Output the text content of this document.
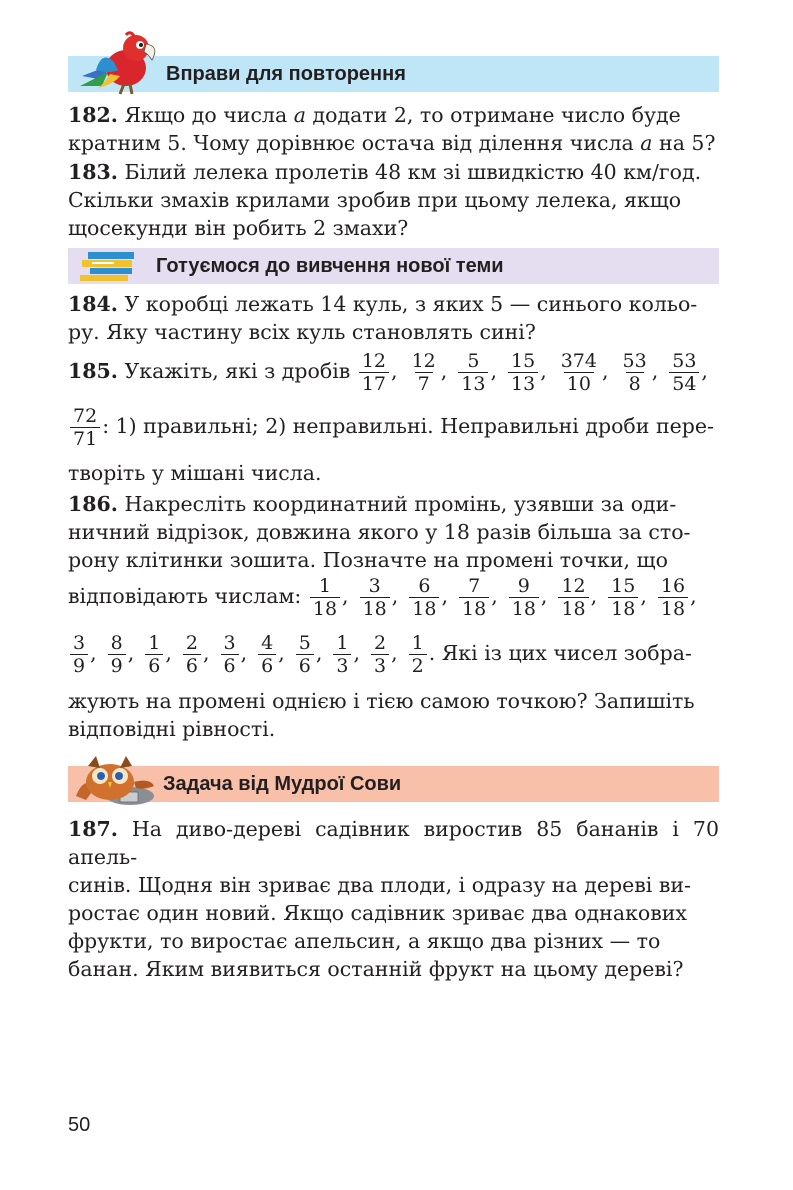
Вправи для повторення

182. Якщо до числа a додати 2, то отримане число буде
кратним 5. Чому дорівнює остача від ділення числа a на 5?

183. Білий лелека пролетів 48 км зі швидкістю 40 км/год.
Скільки змахів крилами зробив при цьому лелека, якщо
щосекунди він робить 2 змахи?

Готуємося до вивчення нової теми

184. У коробці лежать 14 куль, з яких 5 — синього кольо-
ру. Яку частину всіх куль становлять сині?

185. Укажіть, які з дробів $\frac{12}{17}$ , $\frac{12}{7}$ , $\frac{5}{13}$ , $\frac{15}{13}$ , $\frac{374}{10}$ , $\frac{53}{8}$ , $\frac{53}{54}$ ,
$\frac{72}{71}$ : 1) правильні; 2) неправильні. Неправильні дроби пере-

творіть у мішані числа.

186. Накресліть координатний промінь, узявши за оди-
ничний відрізок, довжина якого у 18 разів більша за сто-
рону клітинки зошита. Позначте на промені точки, що

відповідають числам: $\frac{1}{18}$ , $\frac{3}{18}$ , $\frac{6}{18}$ , $\frac{7}{18}$ , $\frac{9}{18}$ , $\frac{12}{18}$ , $\frac{15}{18}$ , $\frac{16}{18}$ ,
$\frac{3}{9}$ , $\frac{8}{9}$ , $\frac{1}{6}$ , $\frac{2}{6}$ , $\frac{3}{6}$ , $\frac{4}{6}$ , $\frac{5}{6}$ , $\frac{1}{3}$ , $\frac{2}{3}$ , $\frac{1}{2}$ . Які із цих чисел зобра-

жують на промені однією і тією самою точкою? Запишіть
відповідні рівності.

Задача від Мудрої Сови

187. На диво-дереві садівник виростив 85 бананів і 70 апель-
синів. Щодня він зриває два плоди, і одразу на дереві ви-
ростає один новий. Якщо садівник зриває два однакових
фрукти, то виростає апельсин, а якщо два різних — то
банан. Яким виявиться останній фрукт на цьому дереві?

50
